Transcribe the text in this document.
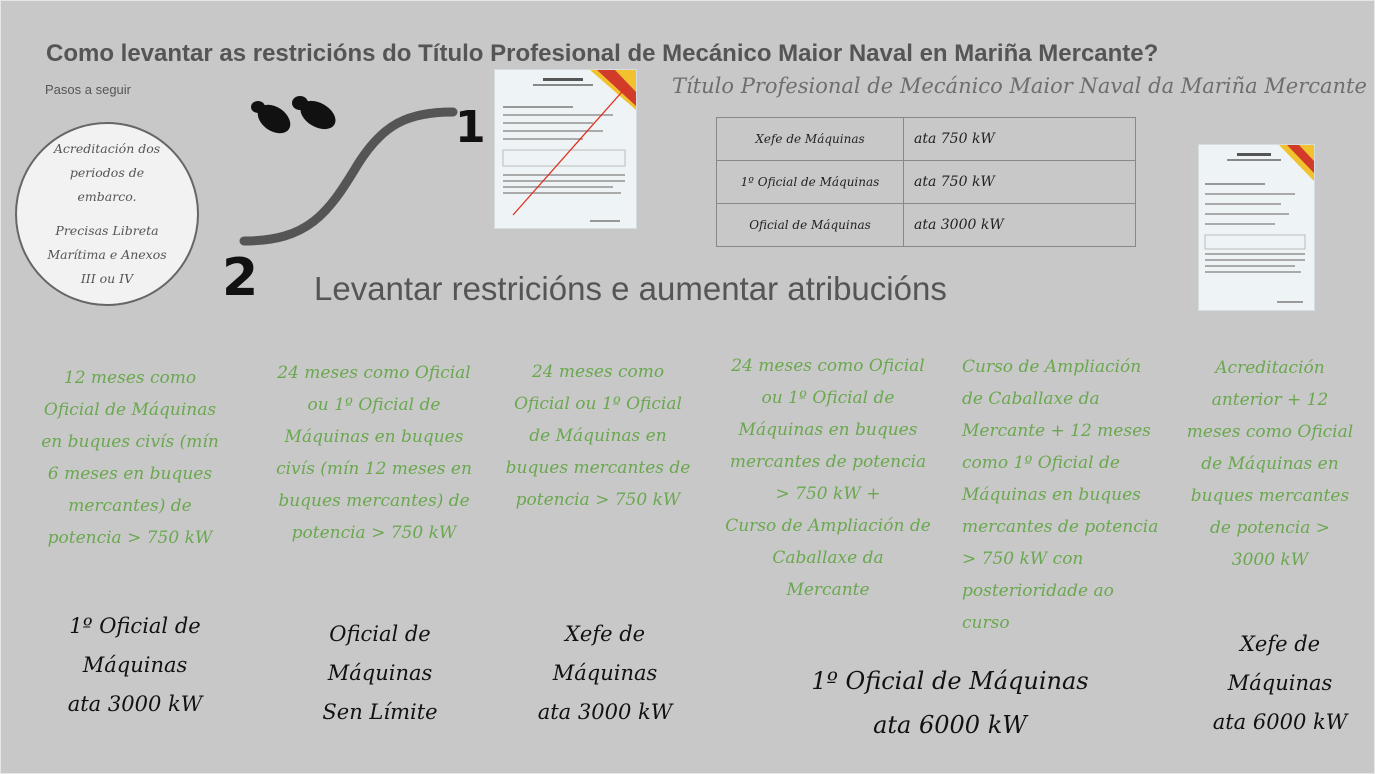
Como levantar as restricións do Título Profesional de Mecánico Maior Naval en Mariña Mercante?
Pasos a seguir
Acreditación dos
periodos de
embarco.
Precisas Libreta
Marítima e Anexos
III ou IV
1
2
Título Profesional de Mecánico Maior Naval da Mariña Mercante
Xefe de Máquinas	ata 750 kW
1º Oficial de Máquinas	ata 750 kW
Oficial de Máquinas	ata 3000 kW
Levantar restricións e aumentar atribucións
12 meses como
Oficial de Máquinas
en buques civís (mín
6 meses en buques
mercantes) de
potencia > 750 kW
24 meses como Oficial
ou 1º Oficial de
Máquinas en buques
civís (mín 12 meses en
buques mercantes) de
potencia > 750 kW
24 meses como
Oficial ou 1º Oficial
de Máquinas en
buques mercantes de
potencia > 750 kW
24 meses como Oficial
ou 1º Oficial de
Máquinas en buques
mercantes de potencia
> 750 kW +
Curso de Ampliación de
Caballaxe da
Mercante
Curso de Ampliación
de Caballaxe da
Mercante + 12 meses
como 1º Oficial de
Máquinas en buques
mercantes de potencia
> 750 kW con
posterioridade ao
curso
Acreditación
anterior + 12
meses como Oficial
de Máquinas en
buques mercantes
de potencia >
3000 kW
1º Oficial de
Máquinas
ata 3000 kW
Oficial de
Máquinas
Sen Límite
Xefe de
Máquinas
ata 3000 kW
1º Oficial de Máquinas
ata 6000 kW
Xefe de
Máquinas
ata 6000 kW
